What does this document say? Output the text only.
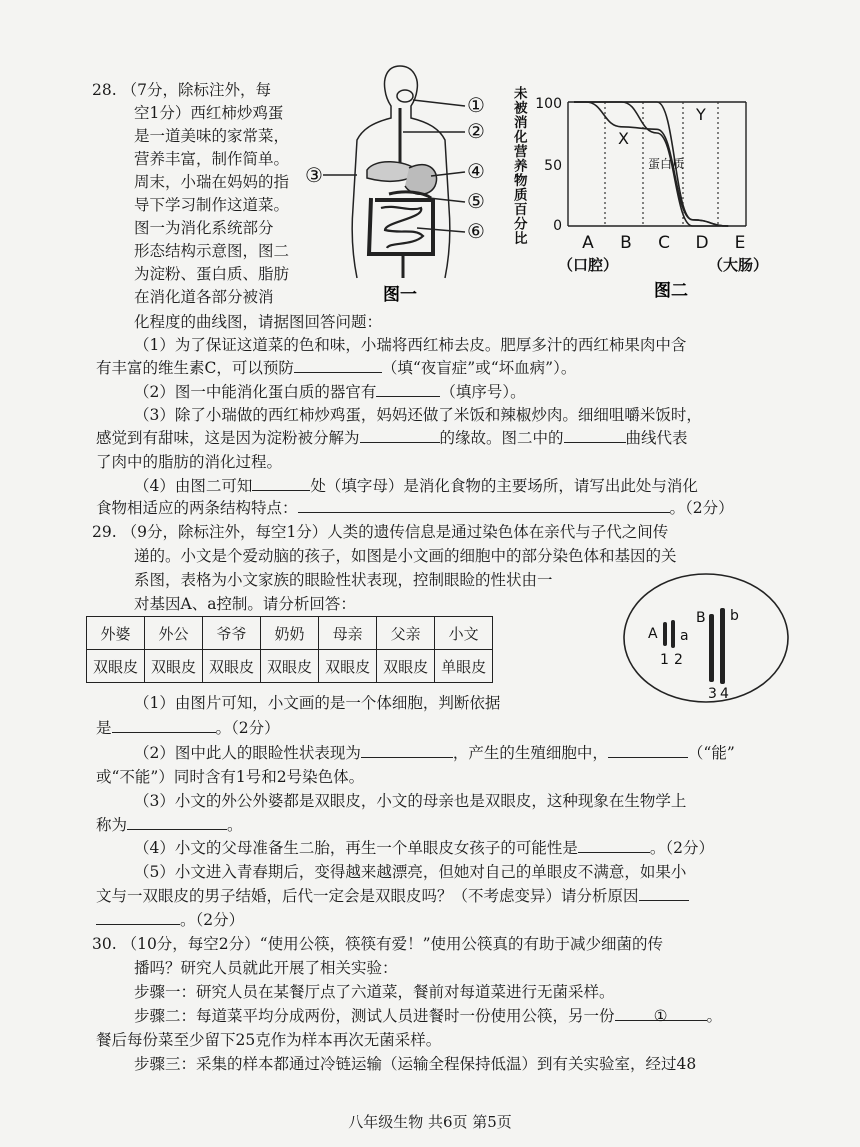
28. （7分，除标注外，每
空1分）西红柿炒鸡蛋
是一道美味的家常菜，
营养丰富，制作简单。
周末，小瑞在妈妈的指
导下学习制作这道菜。
图一为消化系统部分
形态结构示意图，图二
为淀粉、蛋白质、脂肪
在消化道各部分被消
化程度的曲线图，请据图回答问题：
①
②
③	④
⑤
⑥
图一
未
被
消
化
营
养
物
质
百
分
比
100
50
0
X
Y
蛋白质
A B C D E
（口腔）	（大肠）
图二
（1）为了保证这道菜的色和味，小瑞将西红柿去皮。肥厚多汁的西红柿果肉中含
有丰富的维生素C，可以预防	（填“夜盲症”或“坏血病”）。
（2）图一中能消化蛋白质的器官有	（填序号）。
（3）除了小瑞做的西红柿炒鸡蛋，妈妈还做了米饭和辣椒炒肉。细细咀嚼米饭时，
感觉到有甜味，这是因为淀粉被分解为	的缘故。图二中的	曲线代表
了肉中的脂肪的消化过程。
（4）由图二可知	处（填字母）是消化食物的主要场所，请写出此处与消化
食物相适应的两条结构特点：	。（2分）
29. （9分，除标注外，每空1分）人类的遗传信息是通过染色体在亲代与子代之间传
递的。小文是个爱动脑的孩子，如图是小文画的细胞中的部分染色体和基因的关
系图，表格为小文家族的眼睑性状表现，控制眼睑的性状由一
对基因A、a控制。请分析回答：
外婆	外公	爷爷	奶奶	母亲	父亲	小文
双眼皮	双眼皮	双眼皮	双眼皮	双眼皮	双眼皮	单眼皮
A a
B b
1 2
3 4
（1）由图片可知，小文画的是一个体细胞，判断依据
是	。（2分）
（2）图中此人的眼睑性状表现为	，产生的生殖细胞中，	（“能”
或“不能”）同时含有1号和2号染色体。
（3）小文的外公外婆都是双眼皮，小文的母亲也是双眼皮，这种现象在生物学上
称为	。
（4）小文的父母准备生二胎，再生一个单眼皮女孩子的可能性是	。（2分）
（5）小文进入青春期后，变得越来越漂亮，但她对自己的单眼皮不满意，如果小
文与一双眼皮的男子结婚，后代一定会是双眼皮吗？（不考虑变异）请分析原因
。（2分）
30. （10分，每空2分）“使用公筷，筷筷有爱！”使用公筷真的有助于减少细菌的传
播吗？研究人员就此开展了相关实验：
步骤一：研究人员在某餐厅点了六道菜，餐前对每道菜进行无菌采样。
步骤二：每道菜平均分成两份，测试人员进餐时一份使用公筷，另一份	①	。
餐后每份菜至少留下25克作为样本再次无菌采样。
步骤三：采集的样本都通过冷链运输（运输全程保持低温）到有关实验室，经过48
八年级生物 共6页 第5页
